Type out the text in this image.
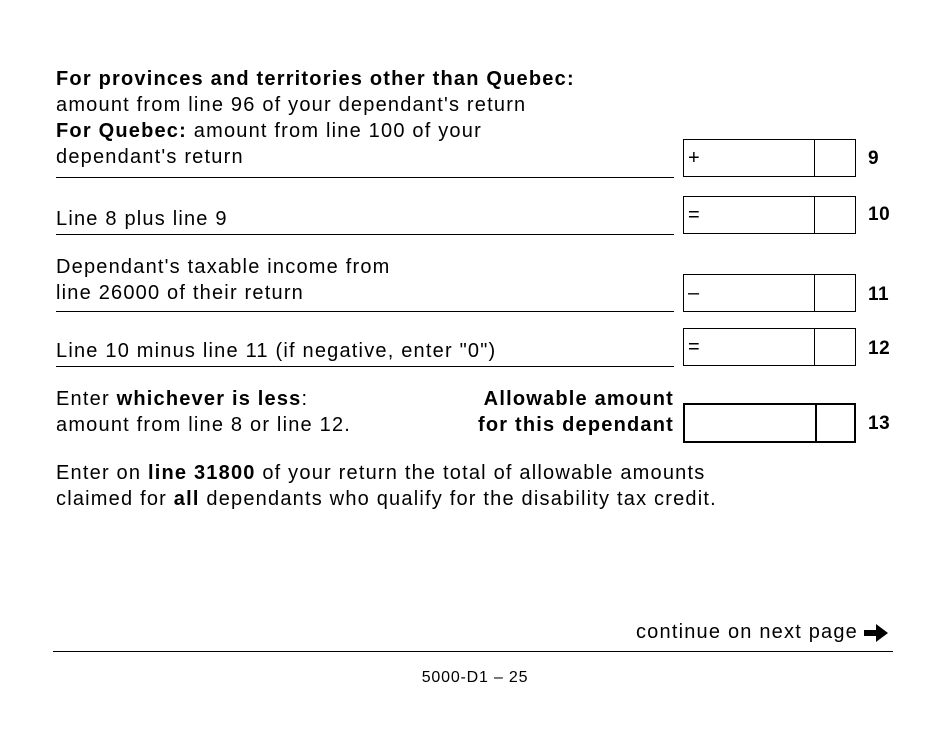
For provinces and territories other than Quebec:
amount from line 96 of your dependant's return
For Quebec: amount from line 100 of your
dependant's return	+	9
Line 8 plus line 9	=	10
Dependant's taxable income from
line 26000 of their return	–	11
Line 10 minus line 11 (if negative, enter "0")	=	12
Enter whichever is less:
amount from line 8 or line 12.
Allowable amount
for this dependant	13
Enter on line 31800 of your return the total of allowable amounts
claimed for all dependants who qualify for the disability tax credit.
continue on next page
5000-D1 – 25
